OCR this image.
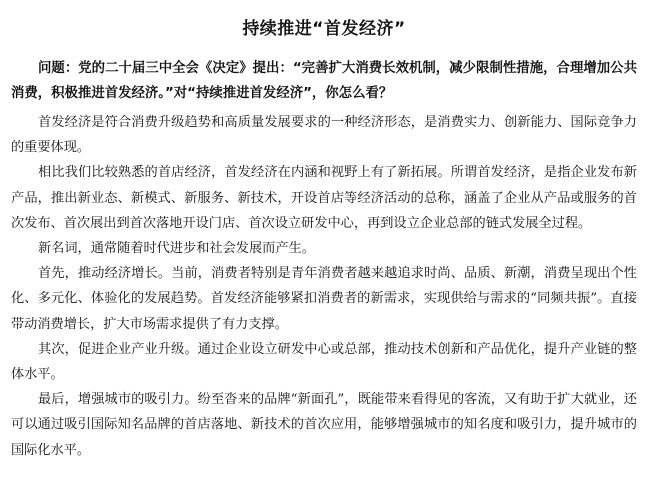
持续推进“首发经济”

问题：党的二十届三中全会《决定》提出：“完善扩大消费长效机制，减少限制性措施，合理增加公共消费，积极推进首发经济。”对“持续推进首发经济”，你怎么看？

首发经济是符合消费升级趋势和高质量发展要求的一种经济形态，是消费实力、创新能力、国际竞争力的重要体现。

相比我们比较熟悉的首店经济，首发经济在内涵和视野上有了新拓展。所谓首发经济，是指企业发布新产品，推出新业态、新模式、新服务、新技术，开设首店等经济活动的总称，涵盖了企业从产品或服务的首次发布、首次展出到首次落地开设门店、首次设立研发中心，再到设立企业总部的链式发展全过程。

新名词，通常随着时代进步和社会发展而产生。

首先，推动经济增长。当前，消费者特别是青年消费者越来越追求时尚、品质、新潮，消费呈现出个性化、多元化、体验化的发展趋势。首发经济能够紧扣消费者的新需求，实现供给与需求的“同频共振”。直接带动消费增长，扩大市场需求提供了有力支撑。

其次，促进企业产业升级。通过企业设立研发中心或总部，推动技术创新和产品优化，提升产业链的整体水平。

最后，增强城市的吸引力。纷至沓来的品牌“新面孔”，既能带来看得见的客流，又有助于扩大就业，还可以通过吸引国际知名品牌的首店落地、新技术的首次应用，能够增强城市的知名度和吸引力，提升城市的国际化水平。
